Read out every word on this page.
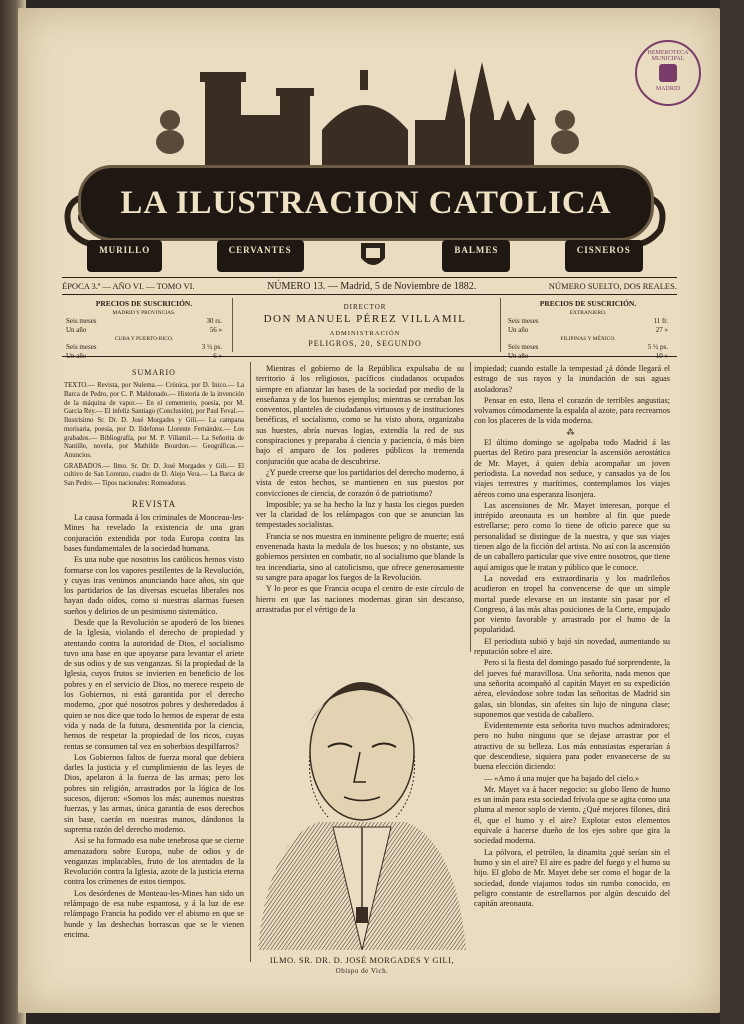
LA ILUSTRACION CATOLICA
MURILLO	CERVANTES	BALMES	CISNEROS
HEMEROTECA MUNICIPAL
MADRID
ÉPOCA 3.ª — AÑO VI. — TOMO VI.	NÚMERO 13. — Madrid, 5 de Noviembre de 1882.	NÚMERO SUELTO, DOS REALES.
PRECIOS DE SUSCRICIÓN.
MADRID Y PROVINCIAS.
Seis meses	30 rs.
Un año	56 »
CUBA Y PUERTO-RICO.
Seis meses	3 ½ ps.
Un año	6 »
DIRECTOR
DON MANUEL PÉREZ VILLAMIL
ADMINISTRACIÓN
PELIGROS, 20, SEGUNDO
PRECIOS DE SUSCRICIÓN.
EXTRANJERO.
Seis meses	11 fr.
Un año	27 »
FILIPINAS Y MÉXICO.
Seis meses	5 ½ ps.
Un año	10 »
SUMARIO
TEXTO.— Revista, por Nulema.— Crónica, por D. Inico.— La Barca de Pedro, por C. P. Maldonado.— Historia de la invención de la máquina de vapor.— En el cementerio, poesía, por M. García Rey.— El infeliz Santiago (Conclusión), por Paul Feval.— Ilustrísimo Sr. Dr. D. José Morgades y Gili.— La campana morisaria, poesía, por D. Ildefonso Llorente Fernández.— Los grabados.— Bibliografía, por M. P. Villamil.— La Señorita de Nantille, novela, por Mathilde Bourdon.— Geográficas.— Anuncios.
GRABADOS.— Ilmo. Sr. Dr. D. José Morgades y Gili.— El cultivo de San Lorenzo, cuadro de D. Alejo Vera.— La Barca de San Pedro.— Tipos nacionales: Romeadoras.
REVISTA

La causa formada á los criminales de Monceau-les-Mines ha revelado la existencia de una gran conjuración extendida por toda Europa contra las bases fundamentales de la sociedad humana.

Es una nube que nosotros los católicos hemos visto formarse con los vapores pestilentes de la Revolución, y cuyas iras venimos anunciando hace años, sin que los partidarios de las diversas escuelas liberales nos hayan dado oídos, como si nuestras alarmas fuesen sueños y delirios de un pesimismo sistemático.

Desde que la Revolución se apoderó de los bienes de la Iglesia, violando el derecho de propiedad y atentando contra la autoridad de Dios, el socialismo tuvo una base en que apoyarse para levantar el ariete de sus odios y de sus venganzas. Si la propiedad de la Iglesia, cuyos frutos se invierten en beneficio de los pobres y en el servicio de Dios, no merece respeto de los Gobiernos, ni está garantida por el derecho moderno, ¿por qué nosotros pobres y desheredados á quien se nos dice que todo lo hemos de esperar de esta vida y nada de la futura, desmentida por la ciencia, hemos de respetar la propiedad de los ricos, cuyas rentas se consumen tal vez en soberbios despilfarros?

Los Gobiernos faltos de fuerza moral que debiera darles la justicia y el cumplimiento de las leyes de Dios, apelaron á la fuerza de las armas; pero los pobres sin religión, arrastrados por la lógica de los sucesos, dijeron: «Somos los más; aunemos nuestras fuerzas, y las armas, única garantía de esos derechos sin base, caerán en nuestras manos, dándonos la suprema razón del derecho moderno.

Así se ha formado esa nube tenebrosa que se cierne amenazadora sobre Europa, nube de odios y de venganzas implacables, fruto de los atentados de la Revolución contra la Iglesia, azote de la justicia eterna contra los crímenes de estos tiempos.

Los desórdenes de Monteau-les-Mines han sido un relámpago de esa nube espantosa, y á la luz de ese relámpago Francia ha podido ver el abismo en que se hunde y las deshechas borrascas que se le vienen encima.

Mientras el gobierno de la República expulsaba de su territorio á los religiosos, pacíficos ciudadanos ocupados siempre en afianzar las bases de la sociedad por medio de la enseñanza y de los buenos ejemplos; mientras se cerraban los conventos, planteles de ciudadanos virtuosos y de instituciones benéficas, el socialismo, como se ha visto ahora, organizaba sus huestes, abría nuevas logias, extendía la red de sus conspiraciones y preparaba á ciencia y paciencia, ó más bien bajo el amparo de los poderes públicos la tremenda conjuración que acaba de descubrirse.

¿Y puede creerse que los partidarios del derecho moderno, á vista de estos hechos, se mantienen en sus puestos por convicciones de ciencia, de corazón ó de patriotismo?

Imposible; ya se ha hecho la luz y hasta los ciegos pueden ver la claridad de los relámpagos con que se anuncian las tempestades socialistas.

Francia se nos muestra en inminente peligro de muerte; está envenenada hasta la medula de los huesos; y no obstante, sus gobiernos persisten en combatir, no al socialismo que blande la tea incendiaria, sino al catolicismo, que ofrece generosamente su sangre para apagar los fuegos de la Revolución.

Y lo peor es que Francia ocupa el centro de este círculo de hierro en que las naciones modernas giran sin descanso, arrastradas por el vértigo de la

ILMO. SR. DR. D. JOSÉ MORGADES Y GILI,
Obispo de Vich.

impiedad; cuando estalle la tempestad ¿á dónde llegará el estrago de sus rayos y la inundación de sus aguas asoladoras?

Pensar en esto, llena el corazón de terribles angustias; volvamos cómodamente la espalda al azote, para recrearnos con los placeres de la vida moderna.

⁂

El último domingo se agolpaba todo Madrid á las puertas del Retiro para presenciar la ascensión aerostática de Mr. Mayet, á quien debía acompañar un joven periodista. La novedad nos seduce, y cansados ya de los viajes terrestres y marítimos, contemplamos los viajes aéreos como una esperanza lisonjera.

Las ascensiones de Mr. Mayet interesan, porque el intrépido areonauta es un hombre al fin que puede estrellarse; pero como lo tiene de oficio parece que su personalidad se distingue de la nuestra, y que sus viajes tienen algo de la ficción del artista. No así con la ascensión de un caballero particular que vive entre nosotros, que tiene aquí amigos que le tratan y público que le conoce.

La novedad era extraordinaria y los madrileños acudieron en tropel ha convencerse de que un simple mortal puede elevarse en un instante sin pasar por el Congreso, á las más altas posiciones de la Corte, empujado por viento favorable y arrastrado por el humo de la popularidad.

El periodista subió y bajó sin novedad, aumentando su reputación sobre el aire.

Pero si la fiesta del domingo pasado fué sorprendente, la del jueves fué maravillosa. Una señorita, nada menos que una señorita acompañó al capitán Mayet en su expedición aérea, elevándose sobre todas las señoritas de Madrid sin galas, sin blondas, sin afeites sin lujo de ninguna clase; suponemos que vestida de caballero.

Evidentemente esta señorita tuvo muchos admiradores; pero no hubo ninguno que se dejase arrastrar por el atractivo de su belleza. Los más entusiastas esperarían á que descendiese, siquiera para poder envanecerse de su buena elección diciendo:

— «Amo á una mujer que ha bajado del cielo.»

Mr. Mayet va á hacer negocio: su globo lleno de humo es un imán para esta sociedad frívola que se agita como una pluma al menor soplo de viento. ¿Qué mejores filones, dirá él, que el humo y el aire? Explotar estos elementos equivale á hacerse dueño de los ejes sobre que gira la sociedad moderna.

La pólvora, el petróleo, la dinamita ¿qué serían sin el humo y sin el aire? El aire es padre del fuego y el humo su hijo. El globo de Mr. Mayet debe ser como el hogar de la sociedad, donde viajamos todos sin rumbo conocido, en peligro constante de estrellarnos por algún descuido del capitán areonauta.
